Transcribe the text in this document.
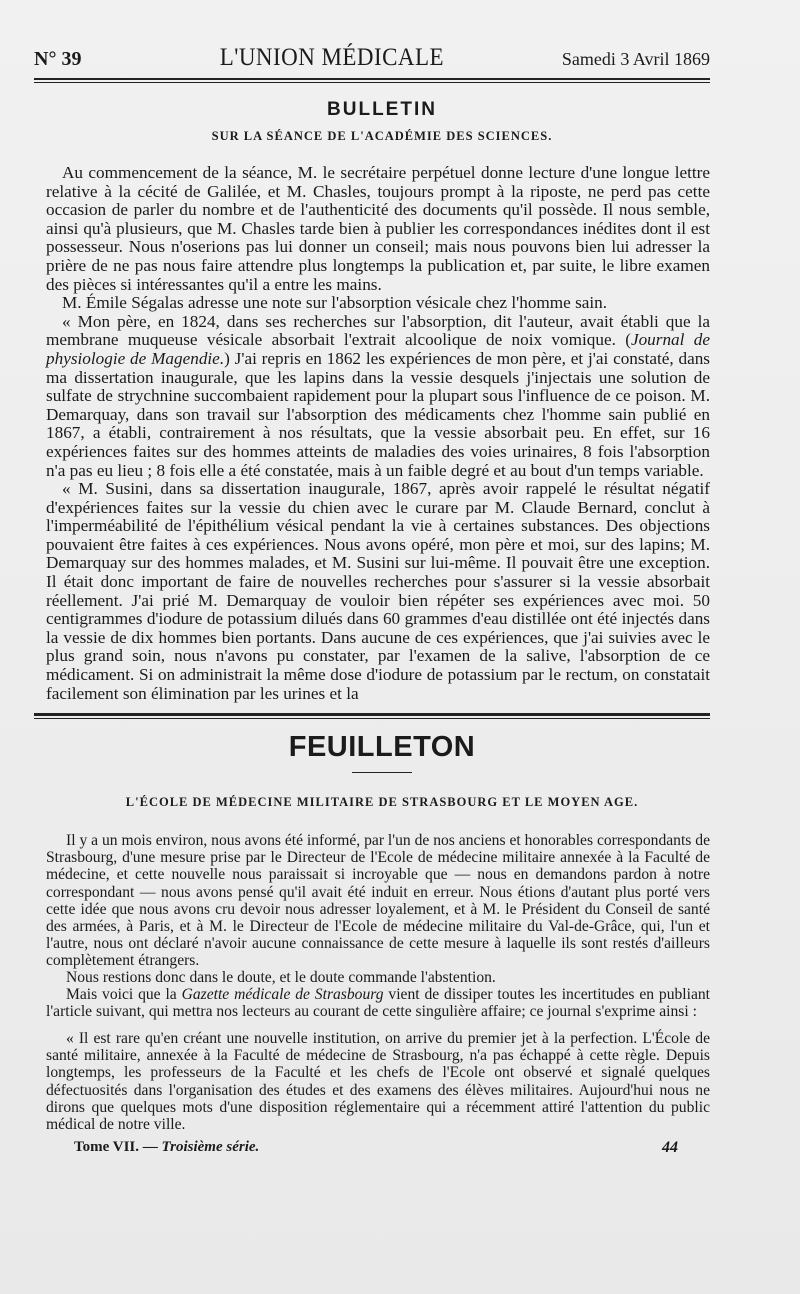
N° 39	L'UNION MÉDICALE	Samedi 3 Avril 1869
BULLETIN
SUR LA SÉANCE DE L'ACADÉMIE DES SCIENCES.

Au commencement de la séance, M. le secrétaire perpétuel donne lecture d'une longue lettre relative à la cécité de Galilée, et M. Chasles, toujours prompt à la riposte, ne perd pas cette occasion de parler du nombre et de l'authenticité des documents qu'il possède. Il nous semble, ainsi qu'à plusieurs, que M. Chasles tarde bien à publier les correspondances inédites dont il est possesseur. Nous n'oserions pas lui donner un conseil; mais nous pouvons bien lui adresser la prière de ne pas nous faire attendre plus longtemps la publication et, par suite, le libre examen des pièces si intéressantes qu'il a entre les mains.

M. Émile Ségalas adresse une note sur l'absorption vésicale chez l'homme sain.

« Mon père, en 1824, dans ses recherches sur l'absorption, dit l'auteur, avait établi que la membrane muqueuse vésicale absorbait l'extrait alcoolique de noix vomique. (Journal de physiologie de Magendie.) J'ai repris en 1862 les expériences de mon père, et j'ai constaté, dans ma dissertation inaugurale, que les lapins dans la vessie desquels j'injectais une solution de sulfate de strychnine succombaient rapidement pour la plupart sous l'influence de ce poison. M. Demarquay, dans son travail sur l'absorption des médicaments chez l'homme sain publié en 1867, a établi, contrairement à nos résultats, que la vessie absorbait peu. En effet, sur 16 expériences faites sur des hommes atteints de maladies des voies urinaires, 8 fois l'absorption n'a pas eu lieu ; 8 fois elle a été constatée, mais à un faible degré et au bout d'un temps variable.

« M. Susini, dans sa dissertation inaugurale, 1867, après avoir rappelé le résultat négatif d'expériences faites sur la vessie du chien avec le curare par M. Claude Bernard, conclut à l'imperméabilité de l'épithélium vésical pendant la vie à certaines substances. Des objections pouvaient être faites à ces expériences. Nous avons opéré, mon père et moi, sur des lapins; M. Demarquay sur des hommes malades, et M. Susini sur lui-même. Il pouvait être une exception. Il était donc important de faire de nouvelles recherches pour s'assurer si la vessie absorbait réellement. J'ai prié M. Demarquay de vouloir bien répéter ses expériences avec moi. 50 centigrammes d'iodure de potassium dilués dans 60 grammes d'eau distillée ont été injectés dans la vessie de dix hommes bien portants. Dans aucune de ces expériences, que j'ai suivies avec le plus grand soin, nous n'avons pu constater, par l'examen de la salive, l'absorption de ce médicament. Si on administrait la même dose d'iodure de potassium par le rectum, on constatait facilement son élimination par les urines et la

FEUILLETON
L'ÉCOLE DE MÉDECINE MILITAIRE DE STRASBOURG ET LE MOYEN AGE.

Il y a un mois environ, nous avons été informé, par l'un de nos anciens et honorables correspondants de Strasbourg, d'une mesure prise par le Directeur de l'Ecole de médecine militaire annexée à la Faculté de médecine, et cette nouvelle nous paraissait si incroyable que — nous en demandons pardon à notre correspondant — nous avons pensé qu'il avait été induit en erreur. Nous étions d'autant plus porté vers cette idée que nous avons cru devoir nous adresser loyalement, et à M. le Président du Conseil de santé des armées, à Paris, et à M. le Directeur de l'Ecole de médecine militaire du Val-de-Grâce, qui, l'un et l'autre, nous ont déclaré n'avoir aucune connaissance de cette mesure à laquelle ils sont restés d'ailleurs complètement étrangers.

Nous restions donc dans le doute, et le doute commande l'abstention.

Mais voici que la Gazette médicale de Strasbourg vient de dissiper toutes les incertitudes en publiant l'article suivant, qui mettra nos lecteurs au courant de cette singulière affaire; ce journal s'exprime ainsi :

« Il est rare qu'en créant une nouvelle institution, on arrive du premier jet à la perfection. L'École de santé militaire, annexée à la Faculté de médecine de Strasbourg, n'a pas échappé à cette règle. Depuis longtemps, les professeurs de la Faculté et les chefs de l'Ecole ont observé et signalé quelques défectuosités dans l'organisation des études et des examens des élèves militaires. Aujourd'hui nous ne dirons que quelques mots d'une disposition réglementaire qui a récemment attiré l'attention du public médical de notre ville.

Tome VII. — Troisième série.	44
